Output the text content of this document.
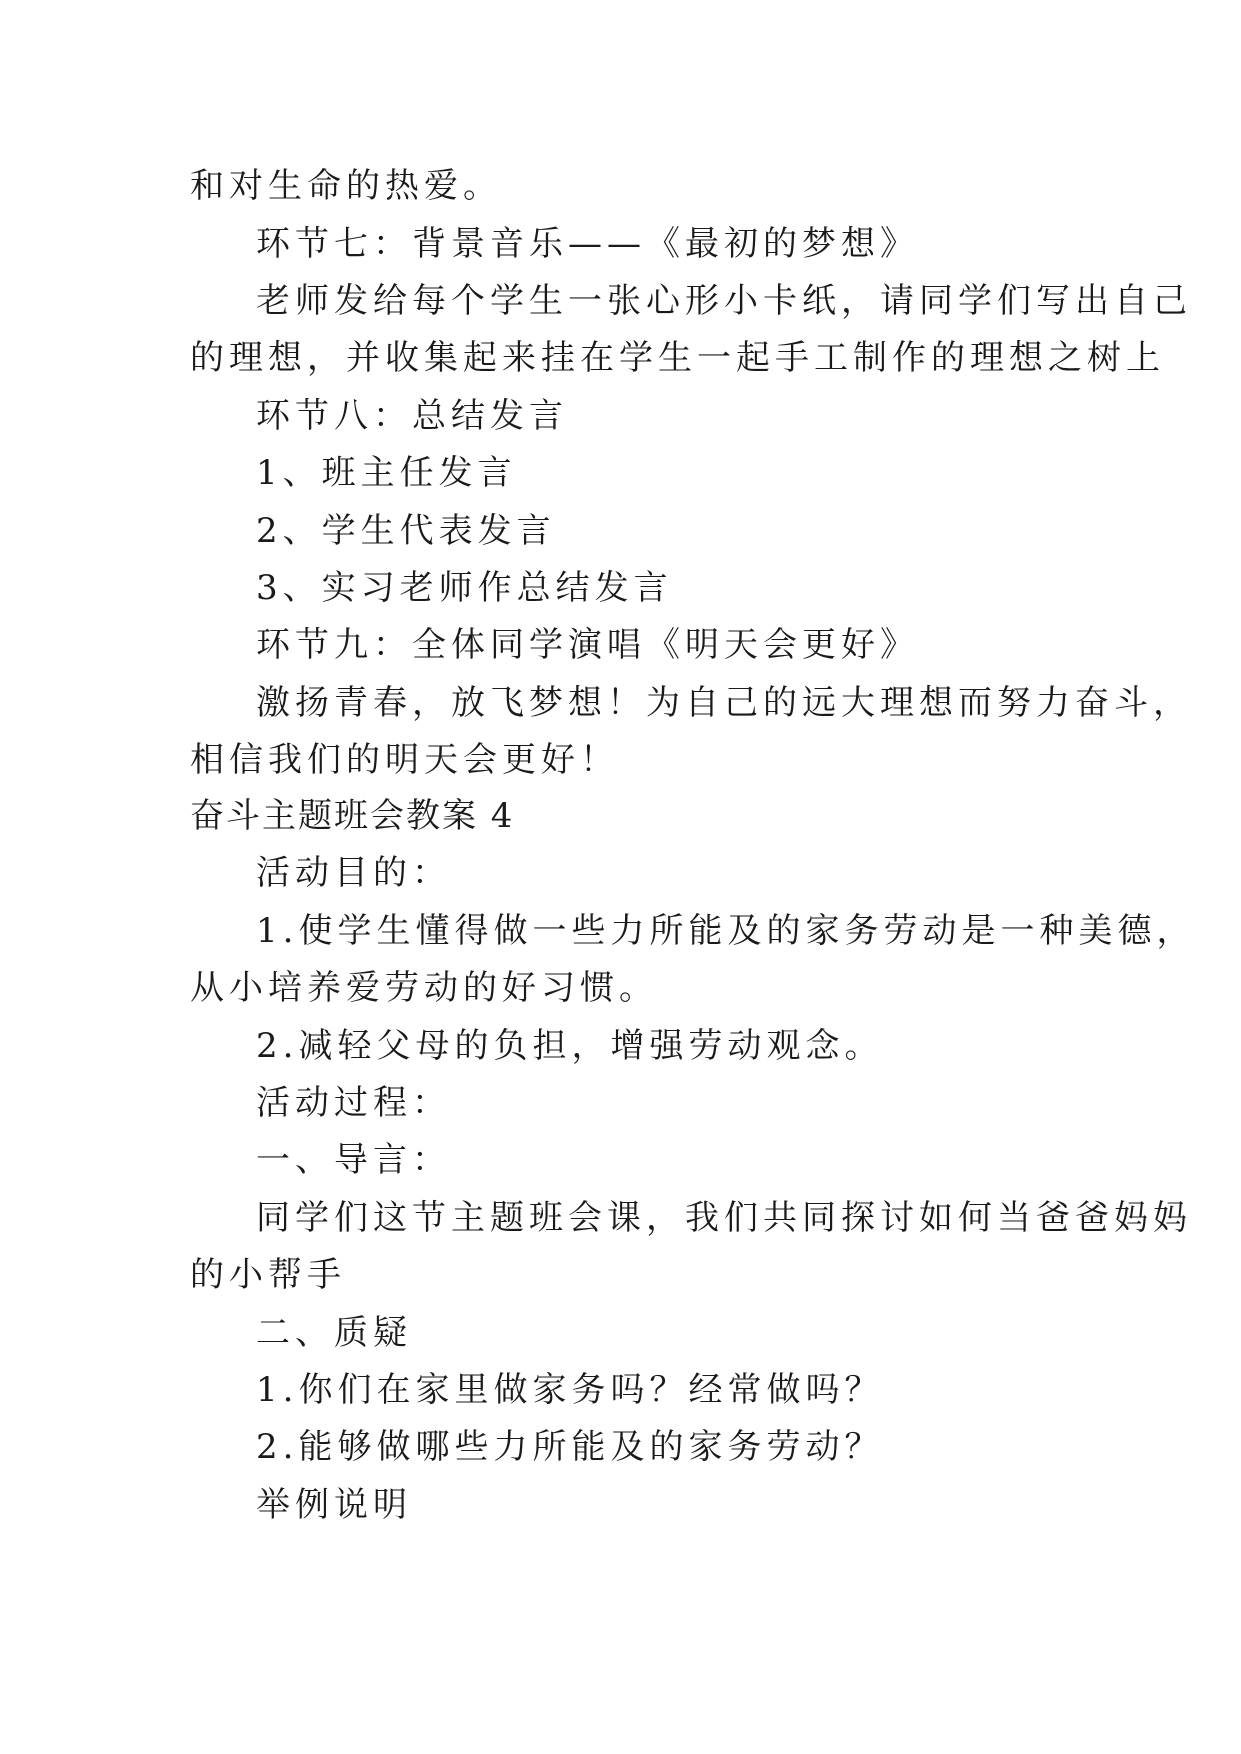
和对生命的热爱。
环节七：背景音乐——《最初的梦想》
老师发给每个学生一张心形小卡纸，请同学们写出自己
的理想，并收集起来挂在学生一起手工制作的理想之树上
环节八：总结发言
1、班主任发言
2、学生代表发言
3、实习老师作总结发言
环节九：全体同学演唱《明天会更好》
激扬青春，放飞梦想！为自己的远大理想而努力奋斗，
相信我们的明天会更好！
奋斗主题班会教案 4
活动目的：
1.使学生懂得做一些力所能及的家务劳动是一种美德，
从小培养爱劳动的好习惯。
2.减轻父母的负担，增强劳动观念。
活动过程：
一、导言：
同学们这节主题班会课，我们共同探讨如何当爸爸妈妈
的小帮手
二、质疑
1.你们在家里做家务吗？经常做吗？
2.能够做哪些力所能及的家务劳动？
举例说明
